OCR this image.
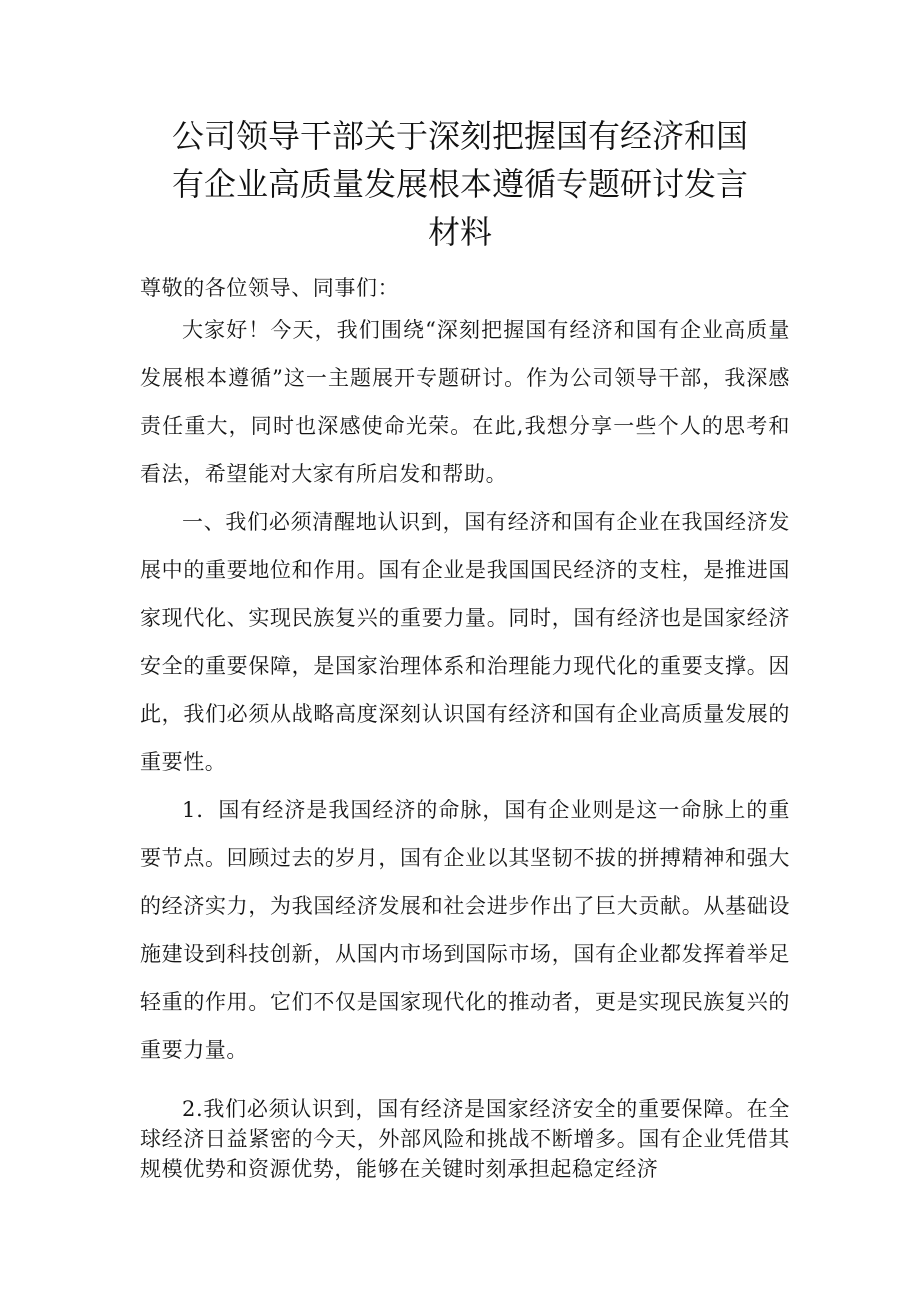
公司领导干部关于深刻把握国有经济和国
有企业高质量发展根本遵循专题研讨发言
材料

尊敬的各位领导、同事们：

大家好！今天，我们围绕“深刻把握国有经济和国有企业高质量发展根本遵循”这一主题展开专题研讨。作为公司领导干部，我深感责任重大，同时也深感使命光荣。在此,我想分享一些个人的思考和看法，希望能对大家有所启发和帮助。

一、我们必须清醒地认识到，国有经济和国有企业在我国经济发展中的重要地位和作用。国有企业是我国国民经济的支柱，是推进国家现代化、实现民族复兴的重要力量。同时，国有经济也是国家经济安全的重要保障，是国家治理体系和治理能力现代化的重要支撑。因此，我们必须从战略高度深刻认识国有经济和国有企业高质量发展的重要性。

1．国有经济是我国经济的命脉，国有企业则是这一命脉上的重要节点。回顾过去的岁月，国有企业以其坚韧不拔的拼搏精神和强大的经济实力，为我国经济发展和社会进步作出了巨大贡献。从基础设施建设到科技创新，从国内市场到国际市场，国有企业都发挥着举足轻重的作用。它们不仅是国家现代化的推动者，更是实现民族复兴的重要力量。

2.我们必须认识到，国有经济是国家经济安全的重要保障。在全球经济日益紧密的今天，外部风险和挑战不断增多。国有企业凭借其规模优势和资源优势，能够在关键时刻承担起稳定经济
